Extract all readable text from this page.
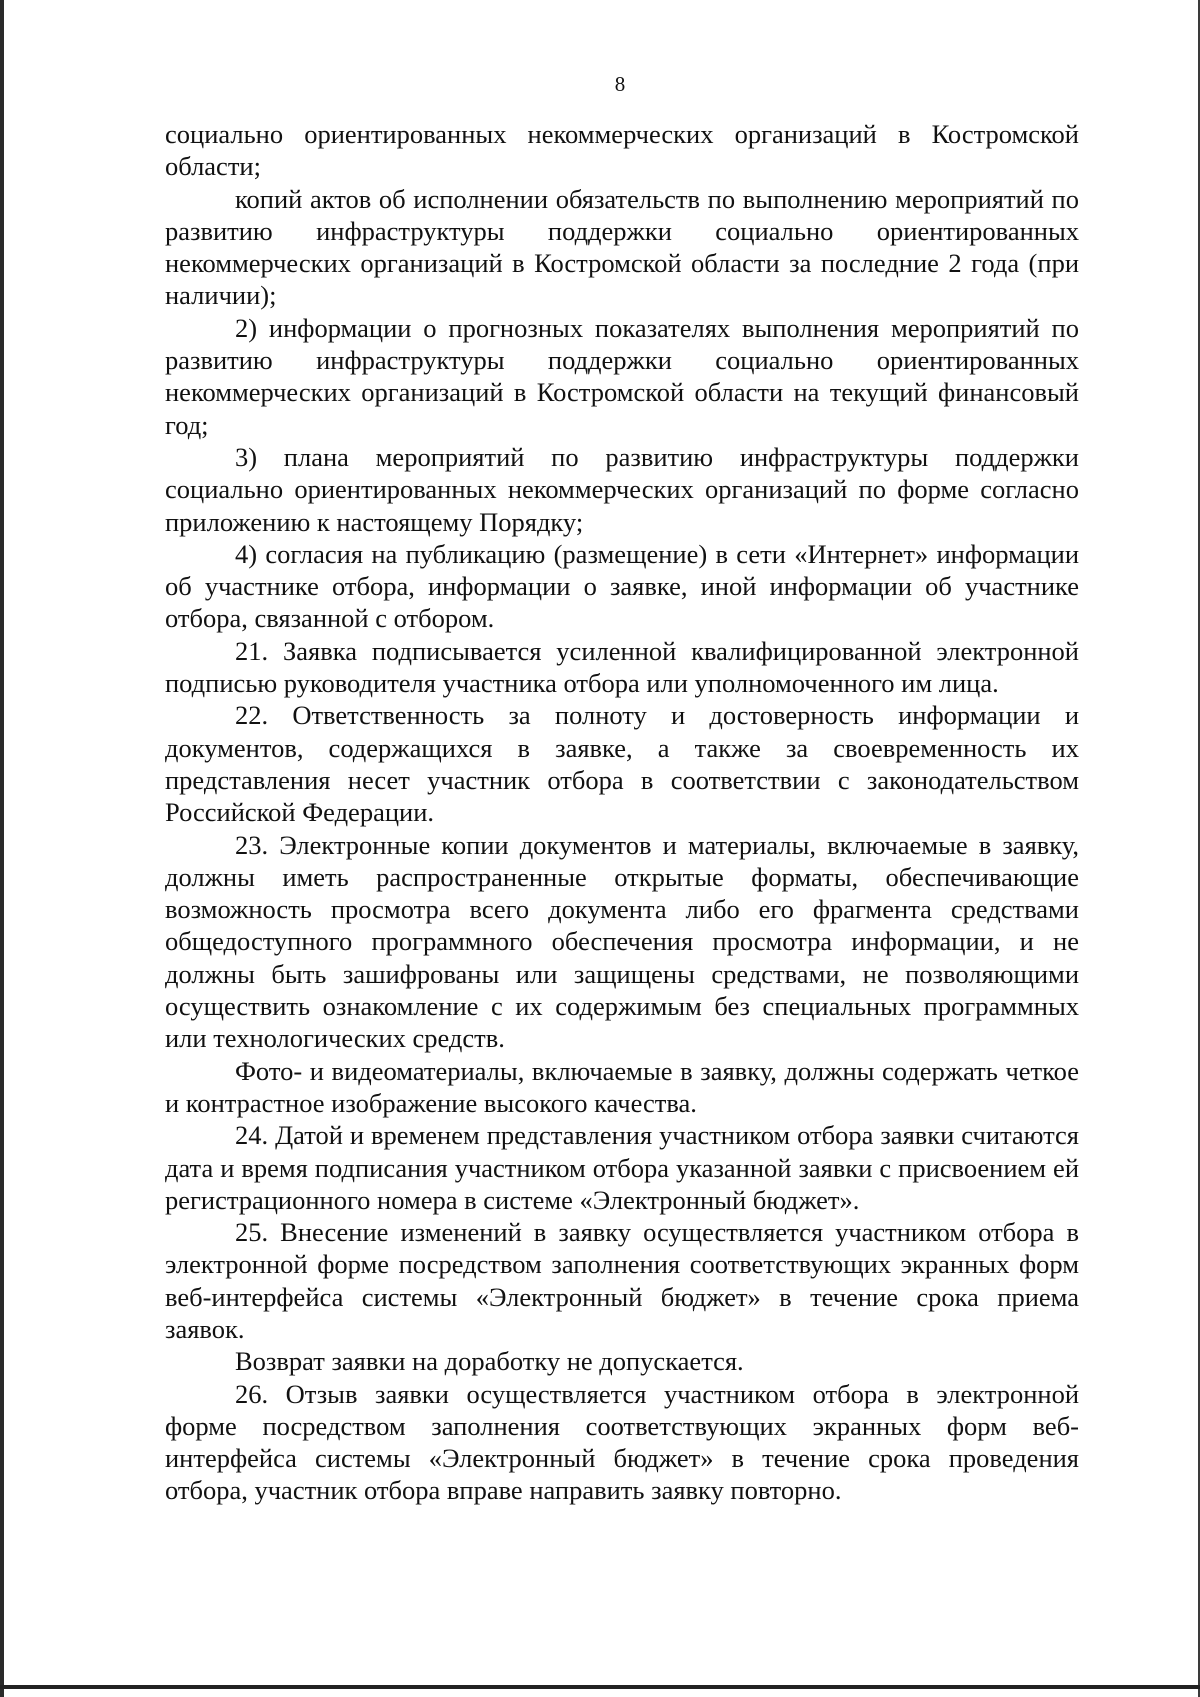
8

социально ориентированных некоммерческих организаций в Костромской области;

копий актов об исполнении обязательств по выполнению мероприятий по развитию инфраструктуры поддержки социально ориентированных некоммерческих организаций в Костромской области за последние 2 года (при наличии);

2) информации о прогнозных показателях выполнения мероприятий по развитию инфраструктуры поддержки социально ориентированных некоммерческих организаций в Костромской области на текущий финансовый год;

3) плана мероприятий по развитию инфраструктуры поддержки социально ориентированных некоммерческих организаций по форме согласно приложению к настоящему Порядку;

4) согласия на публикацию (размещение) в сети «Интернет» информации об участнике отбора, информации о заявке, иной информации об участнике отбора, связанной с отбором.

21. Заявка подписывается усиленной квалифицированной электронной подписью руководителя участника отбора или уполномоченного им лица.

22. Ответственность за полноту и достоверность информации и документов, содержащихся в заявке, а также за своевременность их представления несет участник отбора в соответствии с законодательством Российской Федерации.

23. Электронные копии документов и материалы, включаемые в заявку, должны иметь распространенные открытые форматы, обеспечивающие возможность просмотра всего документа либо его фрагмента средствами общедоступного программного обеспечения просмотра информации, и не должны быть зашифрованы или защищены средствами, не позволяющими осуществить ознакомление с их содержимым без специальных программных или технологических средств.

Фото- и видеоматериалы, включаемые в заявку, должны содержать четкое и контрастное изображение высокого качества.

24. Датой и временем представления участником отбора заявки считаются дата и время подписания участником отбора указанной заявки с присвоением ей регистрационного номера в системе «Электронный бюджет».

25. Внесение изменений в заявку осуществляется участником отбора в электронной форме посредством заполнения соответствующих экранных форм веб-интерфейса системы «Электронный бюджет» в течение срока приема заявок.

Возврат заявки на доработку не допускается.

26. Отзыв заявки осуществляется участником отбора в электронной форме посредством заполнения соответствующих экранных форм веб-интерфейса системы «Электронный бюджет» в течение срока проведения отбора, участник отбора вправе направить заявку повторно.
